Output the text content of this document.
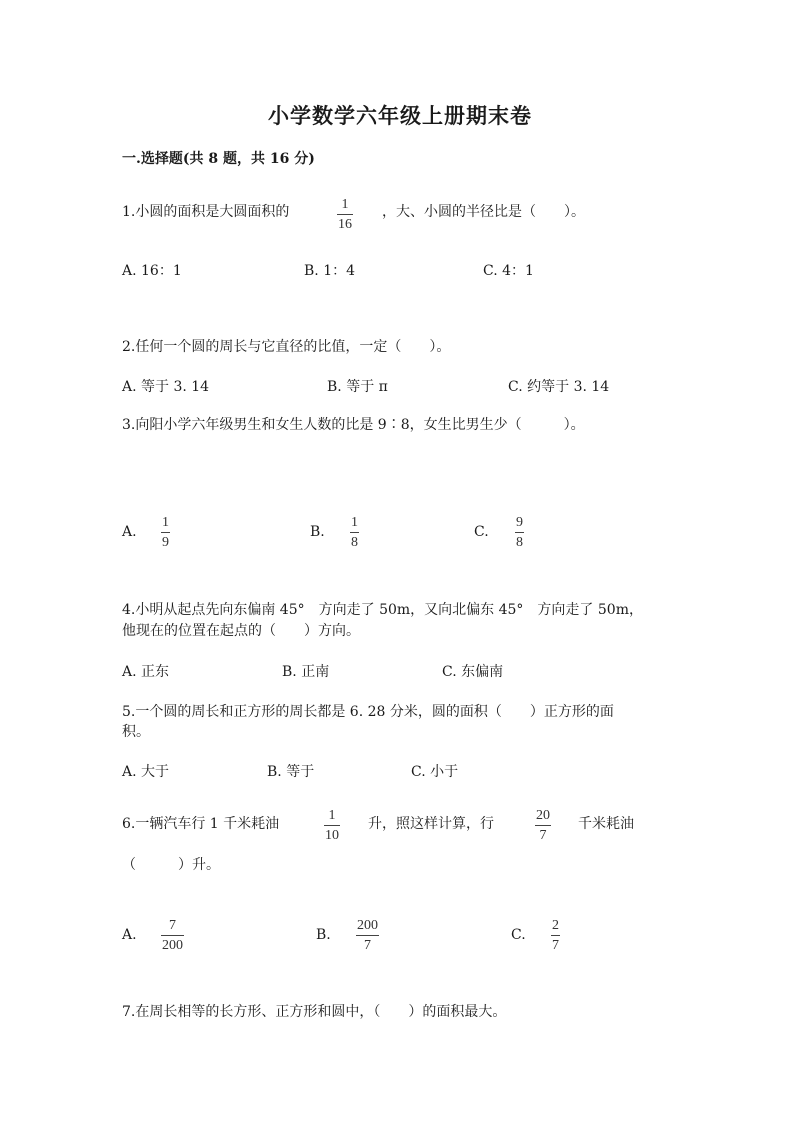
小学数学六年级上册期末卷
一.选择题(共 8 题，共 16 分)
1.小圆的面积是大圆面积的	1
16
，大、小圆的半径比是（　　）。
A. 16：1	B. 1：4	C. 4：1
2.任何一个圆的周长与它直径的比值，一定（　　）。
A. 等于 3. 14	B. 等于 π	C. 约等于 3. 14
3.向阳小学六年级男生和女生人数的比是 9∶8，女生比男生少（　　　）。
A.
1
9
B.
1
8
C.
9
8
4.小明从起点先向东偏南 45°　方向走了 50m，又向北偏东 45°　方向走了 50m，
他现在的位置在起点的（　　）方向。
A. 正东	B. 正南	C. 东偏南
5.一个圆的周长和正方形的周长都是 6. 28 分米，圆的面积（　　）正方形的面
积。
A. 大于	B. 等于	C. 小于
6.一辆汽车行 1 千米耗油
1
10
升，照这样计算，行
20
7
千米耗油
（　　　）升。
A.
7
200
B.
200
7
C.
2
7
7.在周长相等的长方形、正方形和圆中，（　　）的面积最大。
